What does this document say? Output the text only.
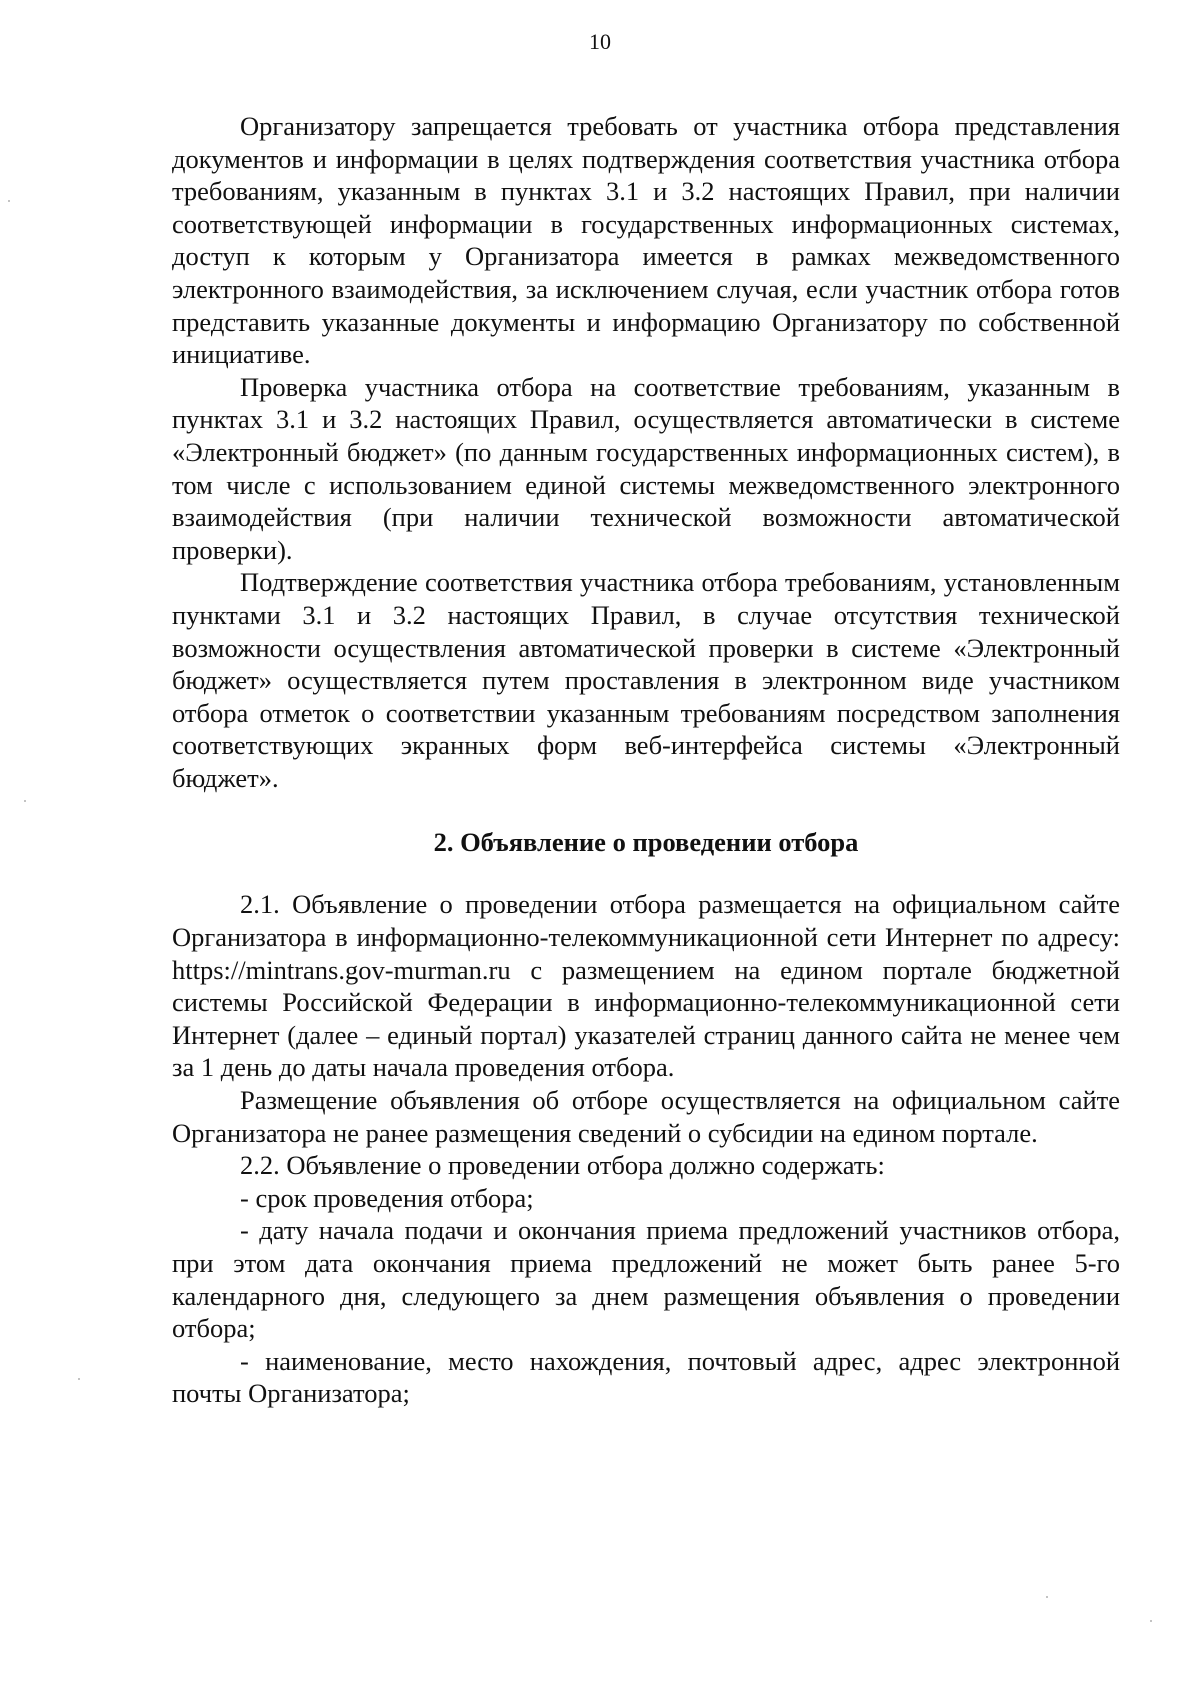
10

Организатору запрещается требовать от участника отбора представления документов и информации в целях подтверждения соответствия участника отбора требованиям, указанным в пунктах 3.1 и 3.2 настоящих Правил, при наличии соответствующей информации в государственных информационных системах, доступ к которым у Организатора имеется в рамках межведомственного электронного взаимодействия, за исключением случая, если участник отбора готов представить указанные документы и информацию Организатору по собственной инициативе.

Проверка участника отбора на соответствие требованиям, указанным в пунктах 3.1 и 3.2 настоящих Правил, осуществляется автоматически в системе «Электронный бюджет» (по данным государственных информационных систем), в том числе с использованием единой системы межведомственного электронного взаимодействия (при наличии технической возможности автоматической проверки).

Подтверждение соответствия участника отбора требованиям, установленным пунктами 3.1 и 3.2 настоящих Правил, в случае отсутствия технической возможности осуществления автоматической проверки в системе «Электронный бюджет» осуществляется путем проставления в электронном виде участником отбора отметок о соответствии указанным требованиям посредством заполнения соответствующих экранных форм веб-интерфейса системы «Электронный бюджет».

2. Объявление о проведении отбора

2.1. Объявление о проведении отбора размещается на официальном сайте Организатора в информационно-телекоммуникационной сети Интернет по адресу: https://mintrans.gov-murman.ru с размещением на едином портале бюджетной системы Российской Федерации в информационно-телекоммуникационной сети Интернет (далее – единый портал) указателей страниц данного сайта не менее чем за 1 день до даты начала проведения отбора.

Размещение объявления об отборе осуществляется на официальном сайте Организатора не ранее размещения сведений о субсидии на едином портале.

2.2. Объявление о проведении отбора должно содержать:

- срок проведения отбора;

- дату начала подачи и окончания приема предложений участников отбора, при этом дата окончания приема предложений не может быть ранее 5-го календарного дня, следующего за днем размещения объявления о проведении отбора;

- наименование, место нахождения, почтовый адрес, адрес электронной почты Организатора;
